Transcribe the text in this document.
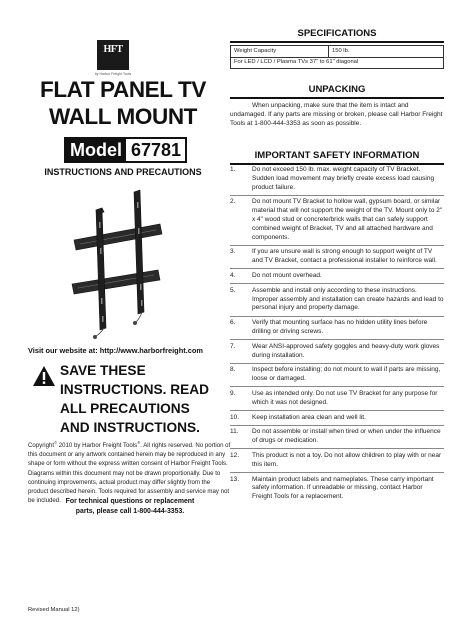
HFT
by Harbor Freight Tools
FLAT PANEL TV
WALL MOUNT
Model 67781
INSTRUCTIONS AND PRECAUTIONS
Visit our website at: http://www.harborfreight.com
SAVE THESE
INSTRUCTIONS. READ
ALL PRECAUTIONS
AND INSTRUCTIONS.
Copyright© 2010 by Harbor Freight Tools®. All rights reserved. No portion of this document or any artwork contained herein may be reproduced in any shape or form without the express written consent of Harbor Freight Tools. Diagrams within this document may not be drawn proportionally. Due to continuing improvements, actual product may differ slightly from the product described herein. Tools required for assembly and service may not be included. For technical questions or replacement
parts, please call 1-800-444-3353.
Revised Manual 12)
SPECIFICATIONS
Weight Capacity	150 lb.
For LED / LCD / Plasma TVs 37" to 61" diagonal
UNPACKING
When unpacking, make sure that the item is intact and undamaged. If any parts are missing or broken, please call Harbor Freight Tools at 1-800-444-3353 as soon as possible.
IMPORTANT SAFETY INFORMATION
1.	Do not exceed 150 lb. max. weight capacity of TV Bracket. Sudden load movement may briefly create excess load causing product failure.
2.	Do not mount TV Bracket to hollow wall, gypsum board, or similar material that will not support the weight of the TV. Mount only to 2" x 4" wood stud or concrete/brick walls that can safely support combined weight of Bracket, TV and all attached hardware and components.
3.	If you are unsure wall is strong enough to support weight of TV and TV Bracket, contact a professional installer to reinforce wall.
4.	Do not mount overhead.
5.	Assemble and install only according to these instructions. Improper assembly and installation can create hazards and lead to personal injury and property damage.
6.	Verify that mounting surface has no hidden utility lines before drilling or driving screws.
7.	Wear ANSI-approved safety goggles and heavy-duty work gloves during installation.
8.	Inspect before installing; do not mount to wall if parts are missing, loose or damaged.
9.	Use as intended only. Do not use TV Bracket for any purpose for which it was not designed.
10. Keep installation area clean and well lit.
11. Do not assemble or install when tired or when under the influence of drugs or medication.
12. This product is not a toy. Do not allow children to play with or near this item.
13. Maintain product labels and nameplates. These carry important safety information. If unreadable or missing, contact Harbor Freight Tools for a replacement.
